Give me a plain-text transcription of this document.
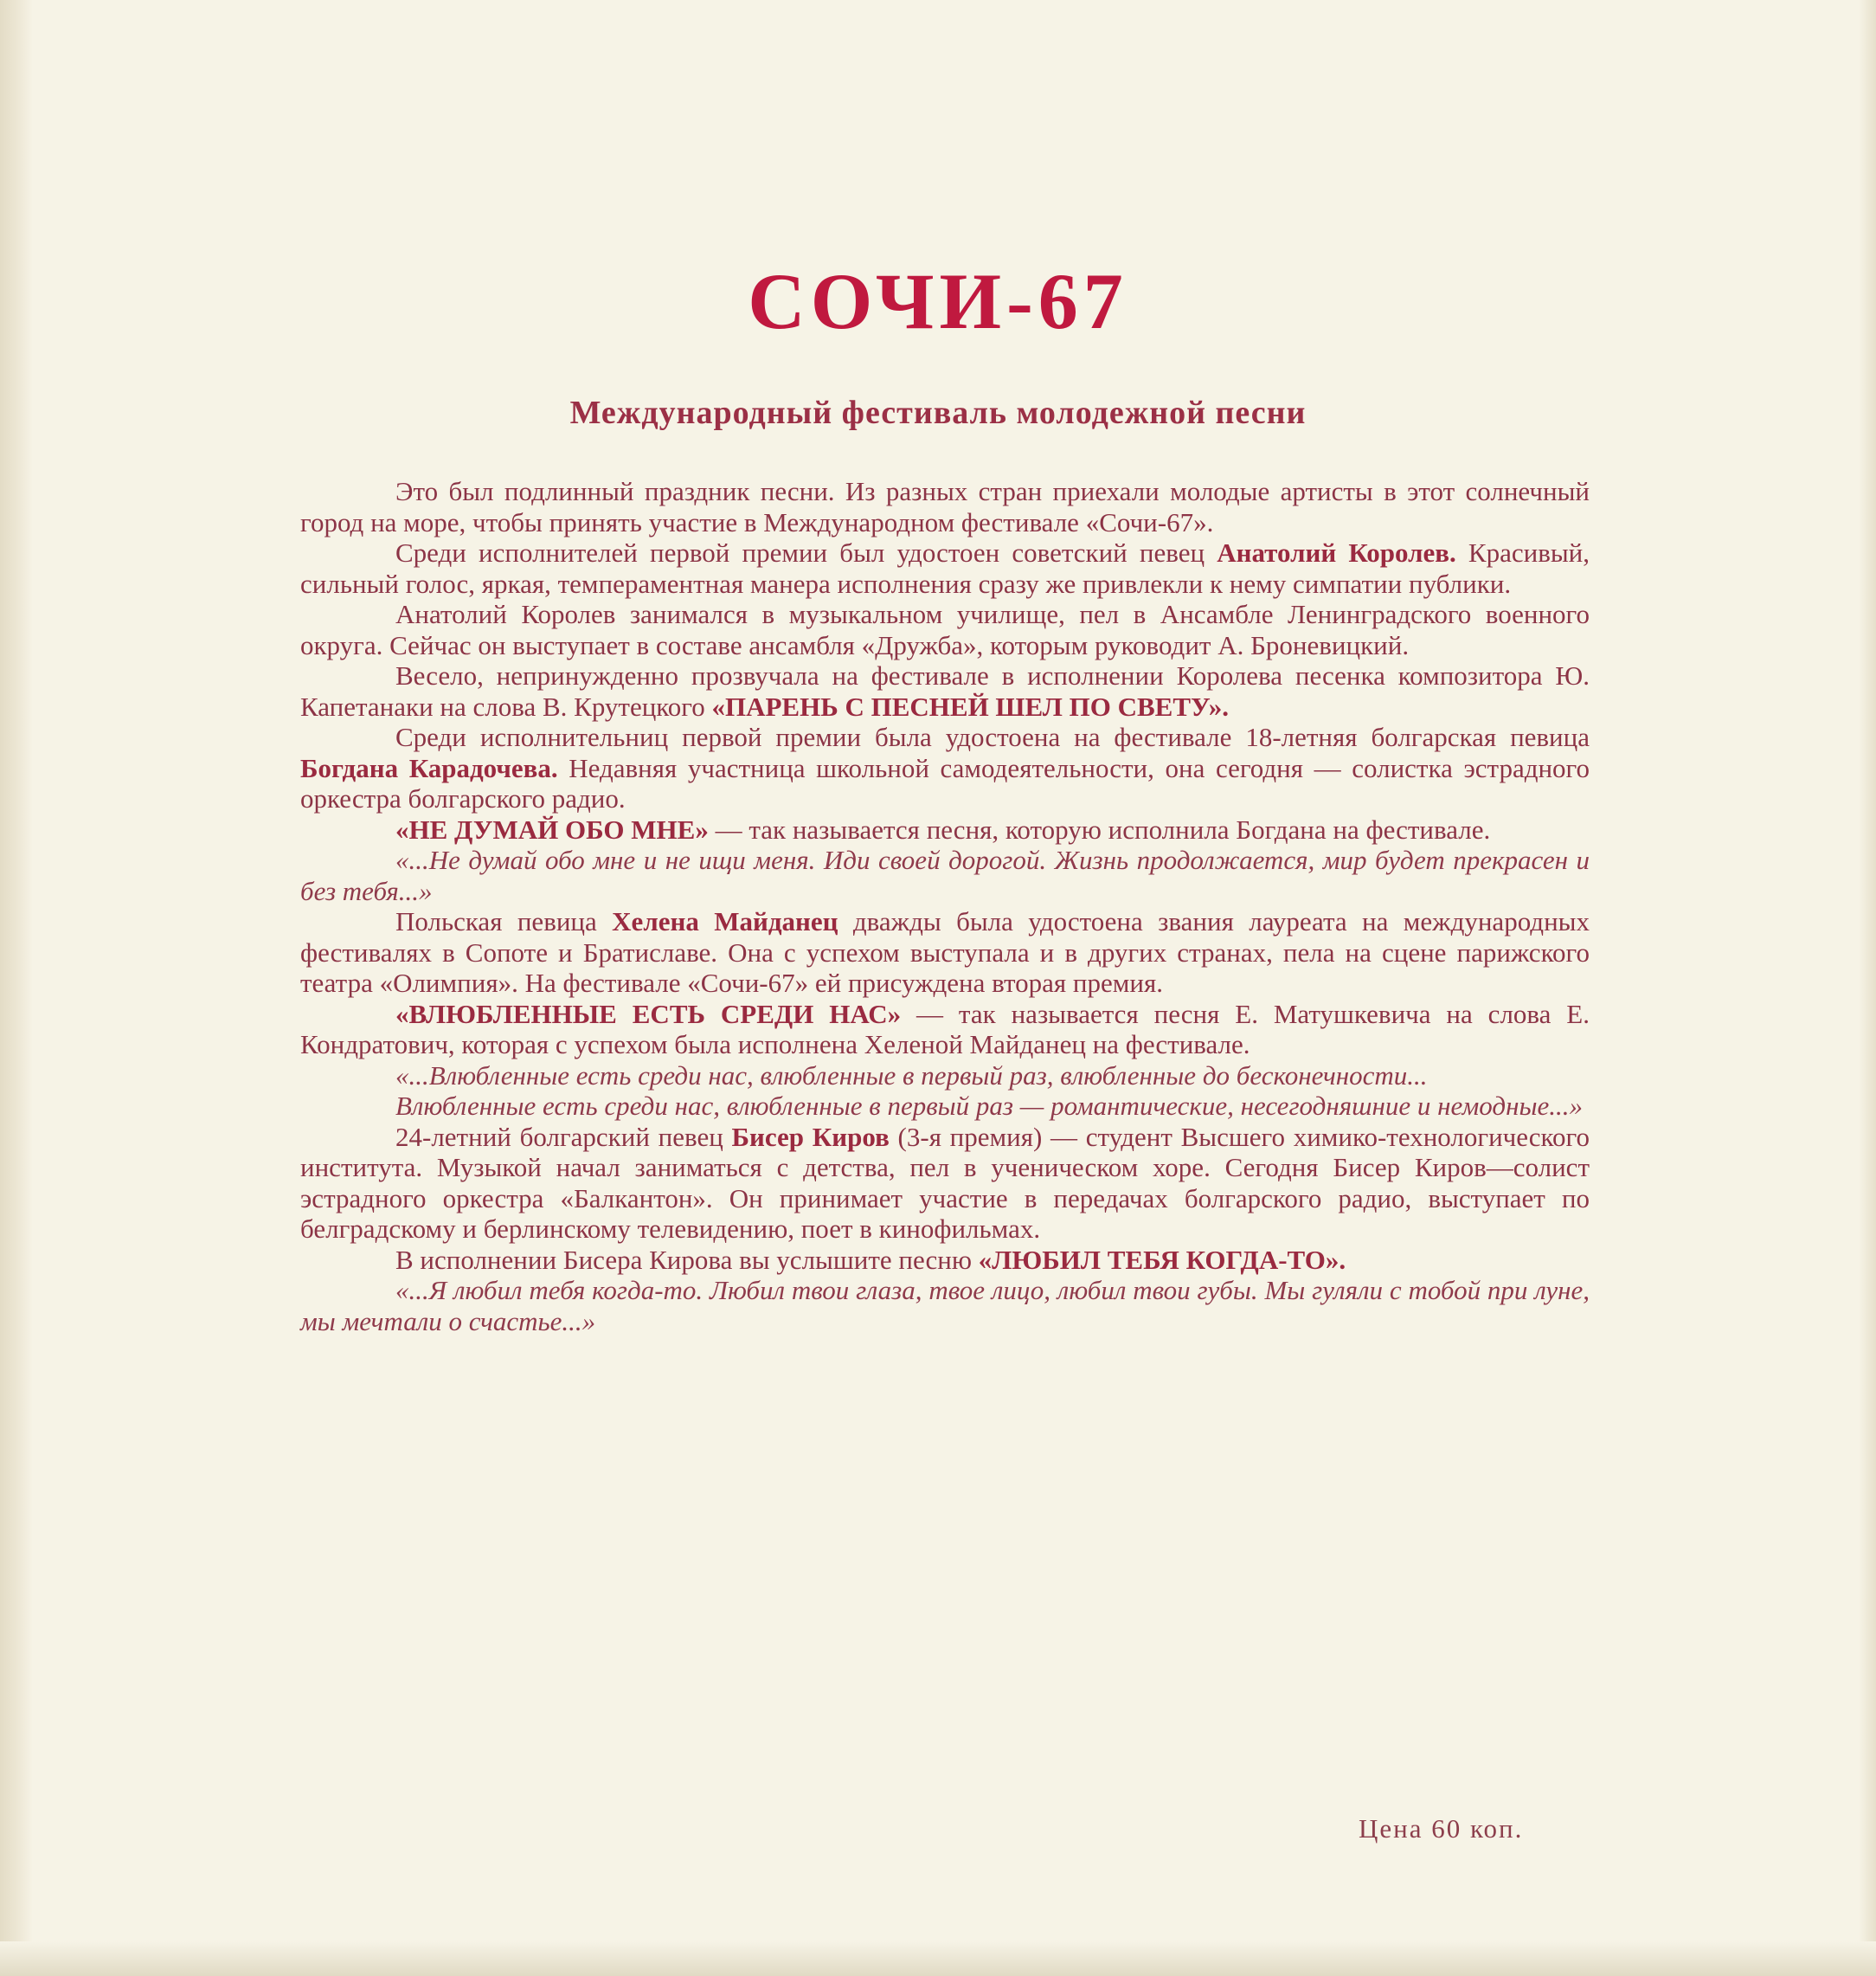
СОЧИ-67
Международный фестиваль молодежной песни

Это был подлинный праздник песни. Из разных стран приехали молодые артисты в этот солнечный город на море, чтобы принять участие в Международном фестивале «Сочи-67».

Среди исполнителей первой премии был удостоен советский певец Анатолий Королев. Красивый, сильный голос, яркая, темпераментная манера исполнения сразу же привлекли к нему симпатии публики.

Анатолий Королев занимался в музыкальном училище, пел в Ансамбле Ленинградского военного округа. Сейчас он выступает в составе ансамбля «Дружба», которым руководит А. Броневицкий.

Весело, непринужденно прозвучала на фестивале в исполнении Королева песенка композитора Ю. Капетанаки на слова В. Крутецкого «ПАРЕНЬ С ПЕСНЕЙ ШЕЛ ПО СВЕТУ».

Среди исполнительниц первой премии была удостоена на фестивале 18-летняя болгарская певица Богдана Карадочева. Недавняя участница школьной самодеятельности, она сегодня — солистка эстрадного оркестра болгарского радио.

«НЕ ДУМАЙ ОБО МНЕ» — так называется песня, которую исполнила Богдана на фестивале.

«...Не думай обо мне и не ищи меня. Иди своей дорогой. Жизнь продолжается, мир будет прекрасен и без тебя...»

Польская певица Хелена Майданец дважды была удостоена звания лауреата на международных фестивалях в Сопоте и Братиславе. Она с успехом выступала и в других странах, пела на сцене парижского театра «Олимпия». На фестивале «Сочи-67» ей присуждена вторая премия.

«ВЛЮБЛЕННЫЕ ЕСТЬ СРЕДИ НАС» — так называется песня Е. Матушкевича на слова Е. Кондратович, которая с успехом была исполнена Хеленой Майданец на фестивале.

«...Влюбленные есть среди нас, влюбленные в первый раз, влюбленные до бесконечности...

Влюбленные есть среди нас, влюбленные в первый раз — романтические, несегодняшние и немодные...»

24-летний болгарский певец Бисер Киров (3-я премия) — студент Высшего химико-технологического института. Музыкой начал заниматься с детства, пел в ученическом хоре. Сегодня Бисер Киров—солист эстрадного оркестра «Балкантон». Он принимает участие в передачах болгарского радио, выступает по белградскому и берлинскому телевидению, поет в кинофильмах.

В исполнении Бисера Кирова вы услышите песню «ЛЮБИЛ ТЕБЯ КОГДА-ТО».

«...Я любил тебя когда-то. Любил твои глаза, твое лицо, любил твои губы. Мы гуляли с тобой при луне, мы мечтали о счастье...»

Цена 60 коп.
